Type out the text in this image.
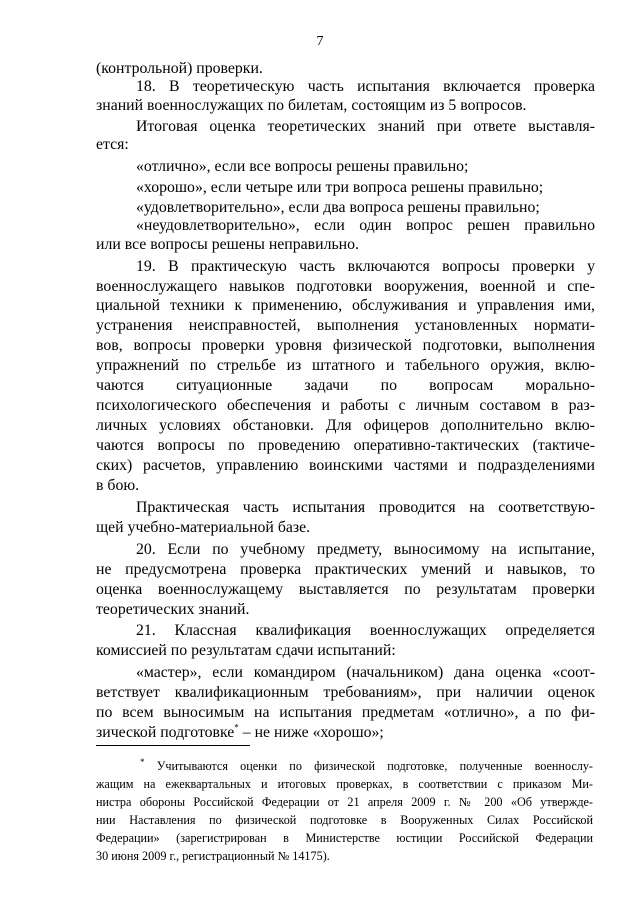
7

(контрольной) проверки.

18. В теоретическую часть испытания включается проверка

знаний военнослужащих по билетам, состоящим из 5 вопросов.

Итоговая оценка теоретических знаний при ответе выставля-

ется:

«отлично», если все вопросы решены правильно;

«хорошо», если четыре или три вопроса решены правильно;

«удовлетворительно», если два вопроса решены правильно;

«неудовлетворительно», если один вопрос решен правильно

или все вопросы решены неправильно.

19. В практическую часть включаются вопросы проверки у

военнослужащего навыков подготовки вооружения, военной и спе-

циальной техники к применению, обслуживания и управления ими,

устранения неисправностей, выполнения установленных нормати-

вов, вопросы проверки уровня физической подготовки, выполнения

упражнений по стрельбе из штатного и табельного оружия, вклю-

чаются ситуационные задачи по вопросам морально-

психологического обеспечения и работы с личным составом в раз-

личных условиях обстановки. Для офицеров дополнительно вклю-

чаются вопросы по проведению оперативно-тактических (тактиче-

ских) расчетов, управлению воинскими частями и подразделениями

в бою.

Практическая часть испытания проводится на соответствую-

щей учебно-материальной базе.

20. Если по учебному предмету, выносимому на испытание,

не предусмотрена проверка практических умений и навыков, то

оценка военнослужащему выставляется по результатам проверки

теоретических знаний.

21. Классная квалификация военнослужащих определяется

комиссией по результатам сдачи испытаний:

«мастер», если командиром (начальником) дана оценка «соот-

ветствует квалификационным требованиям», при наличии оценок

по всем выносимым на испытания предметам «отлично», а по фи-

зической подготовке* – не ниже «хорошо»;

* Учитываются оценки по физической подготовке, полученные военнослу-

жащим на ежеквартальных и итоговых проверках, в соответствии с приказом Ми-

нистра обороны Российской Федерации от 21 апреля 2009 г. № 200 «Об утвержде-

нии Наставления по физической подготовке в Вооруженных Силах Российской

Федерации» (зарегистрирован в Министерстве юстиции Российской Федерации

30 июня 2009 г., регистрационный № 14175).
